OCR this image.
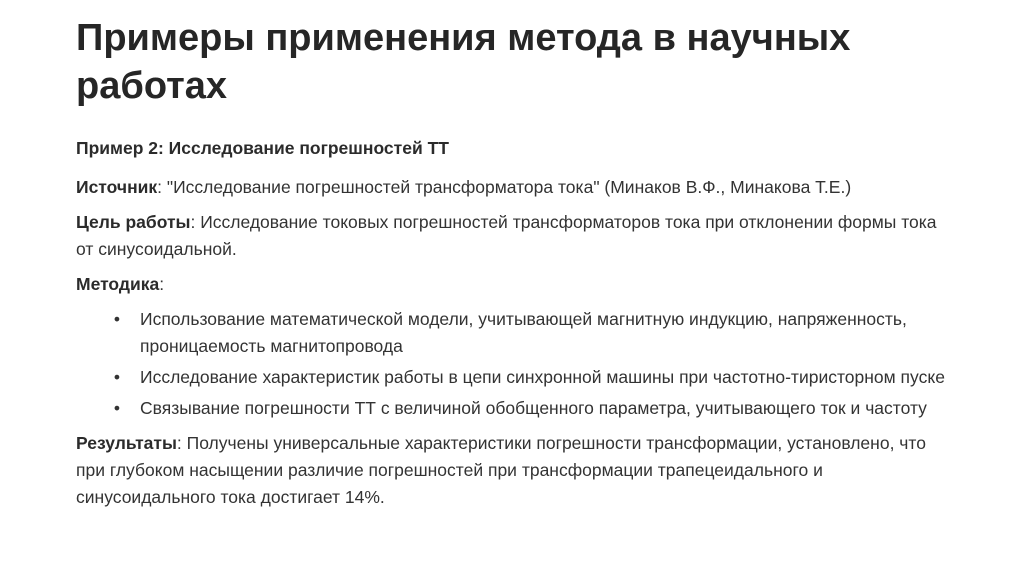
Примеры применения метода в научных работах

Пример 2: Исследование погрешностей ТТ

Источник: "Исследование погрешностей трансформатора тока" (Минаков В.Ф., Минакова Т.Е.)

Цель работы: Исследование токовых погрешностей трансформаторов тока при отклонении формы тока от синусоидальной.

Методика:

• Использование математической модели, учитывающей магнитную индукцию, напряженность, проницаемость магнитопровода
• Исследование характеристик работы в цепи синхронной машины при частотно-тиристорном пуске
• Связывание погрешности ТТ с величиной обобщенного параметра, учитывающего ток и частоту

Результаты: Получены универсальные характеристики погрешности трансформации, установлено, что при глубоком насыщении различие погрешностей при трансформации трапецеидального и синусоидального тока достигает 14%.
